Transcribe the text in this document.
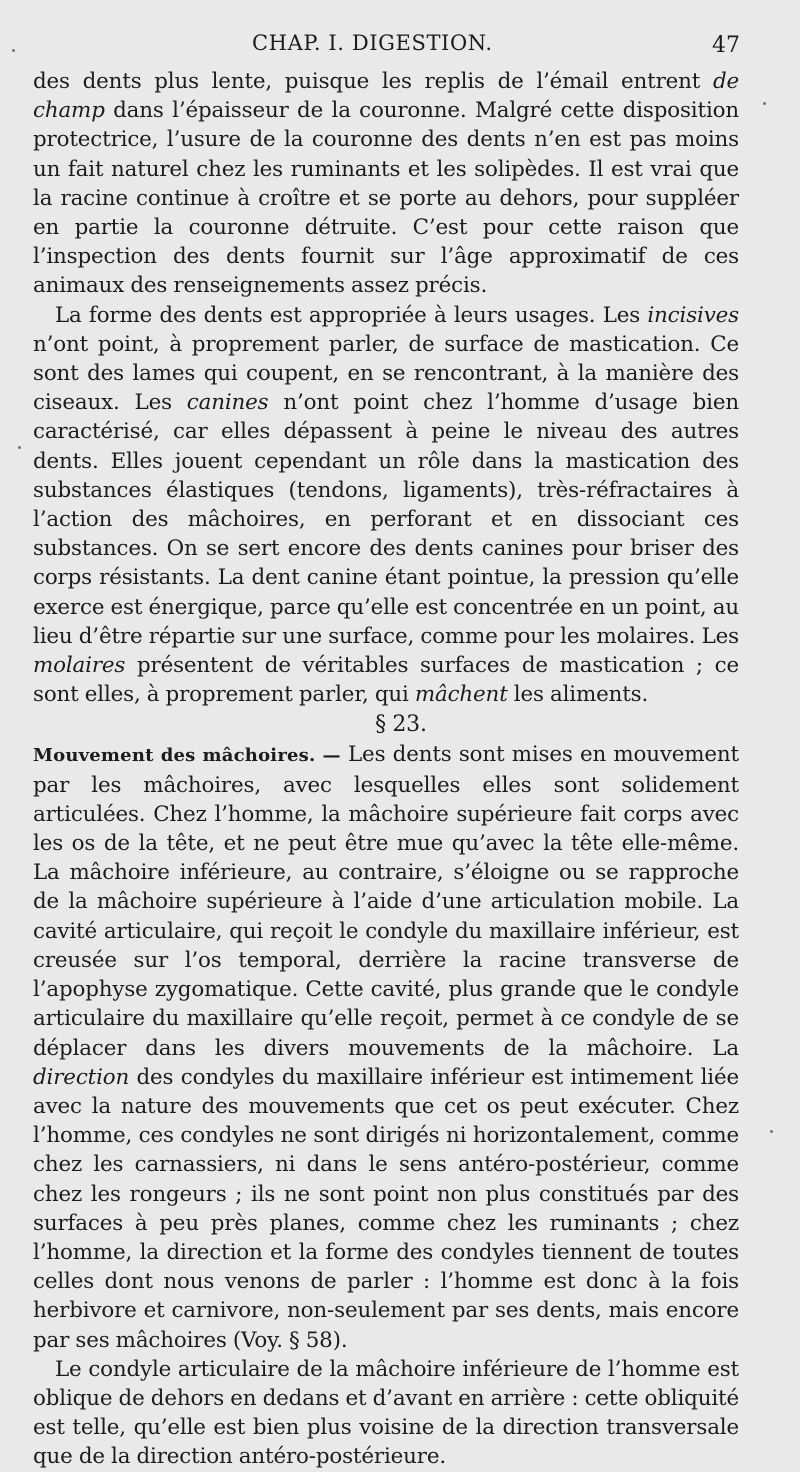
CHAP. I. DIGESTION.	47

des dents plus lente, puisque les replis de l’émail entrent de champ dans l’épaisseur de la couronne. Malgré cette disposition protectrice, l’usure de la couronne des dents n’en est pas moins un fait naturel chez les ruminants et les solipèdes. Il est vrai que la racine continue à croître et se porte au dehors, pour suppléer en partie la couronne détruite. C’est pour cette raison que l’inspection des dents fournit sur l’âge approximatif de ces animaux des renseignements assez précis.

La forme des dents est appropriée à leurs usages. Les incisives n’ont point, à proprement parler, de surface de mastication. Ce sont des lames qui coupent, en se rencontrant, à la manière des ciseaux. Les canines n’ont point chez l’homme d’usage bien caractérisé, car elles dépassent à peine le niveau des autres dents. Elles jouent cependant un rôle dans la mastication des substances élastiques (tendons, ligaments), très-réfractaires à l’action des mâchoires, en perforant et en dissociant ces substances. On se sert encore des dents canines pour briser des corps résistants. La dent canine étant pointue, la pression qu’elle exerce est énergique, parce qu’elle est concentrée en un point, au lieu d’être répartie sur une surface, comme pour les molaires. Les molaires présentent de véritables surfaces de mastication ; ce sont elles, à proprement parler, qui mâchent les aliments.

§ 23.

Mouvement des mâchoires. — Les dents sont mises en mouvement par les mâchoires, avec lesquelles elles sont solidement articulées. Chez l’homme, la mâchoire supérieure fait corps avec les os de la tête, et ne peut être mue qu’avec la tête elle-même. La mâchoire inférieure, au contraire, s’éloigne ou se rapproche de la mâchoire supérieure à l’aide d’une articulation mobile. La cavité articulaire, qui reçoit le condyle du maxillaire inférieur, est creusée sur l’os temporal, derrière la racine transverse de l’apophyse zygomatique. Cette cavité, plus grande que le condyle articulaire du maxillaire qu’elle reçoit, permet à ce condyle de se déplacer dans les divers mouvements de la mâchoire. La direction des condyles du maxillaire inférieur est intimement liée avec la nature des mouvements que cet os peut exécuter. Chez l’homme, ces condyles ne sont dirigés ni horizontalement, comme chez les carnassiers, ni dans le sens antéro-postérieur, comme chez les rongeurs ; ils ne sont point non plus constitués par des surfaces à peu près planes, comme chez les ruminants ; chez l’homme, la direction et la forme des condyles tiennent de toutes celles dont nous venons de parler : l’homme est donc à la fois herbivore et carnivore, non-seulement par ses dents, mais encore par ses mâchoires (Voy. § 58).

Le condyle articulaire de la mâchoire inférieure de l’homme est oblique de dehors en dedans et d’avant en arrière : cette obliquité est telle, qu’elle est bien plus voisine de la direction transversale que de la direction antéro-postérieure.
